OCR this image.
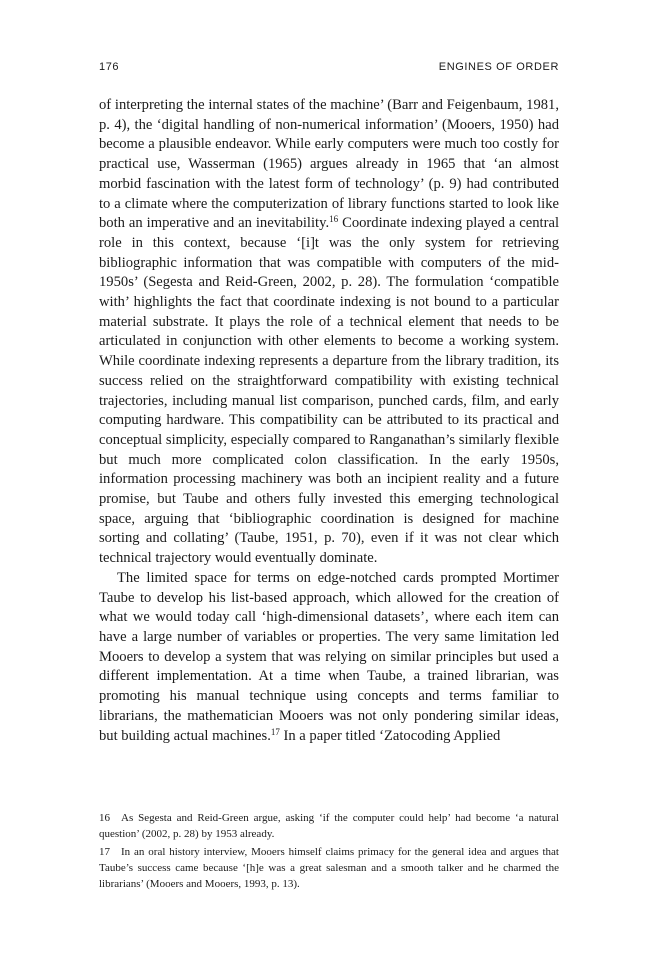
176	ENGINES OF ORDER

of interpreting the internal states of the machine’ (Barr and Feigenbaum, 1981, p. 4), the ‘digital handling of non-numerical information’ (Mooers, 1950) had become a plausible endeavor. While early computers were much too costly for practical use, Wasserman (1965) argues already in 1965 that ‘an almost morbid fascination with the latest form of technology’ (p. 9) had contributed to a climate where the computerization of library functions started to look like both an imperative and an inevitability.$^{16}$ Coordinate indexing played a central role in this context, because ‘[i]t was the only system for retrieving bibliographic information that was compatible with computers of the mid-1950s’ (Segesta and Reid-Green, 2002, p. 28). The formulation ‘compatible with’ highlights the fact that coordinate indexing is not bound to a particular material substrate. It plays the role of a technical element that needs to be articulated in conjunction with other elements to become a working system. While coordinate indexing represents a departure from the library tradition, its success relied on the straightforward compatibility with existing technical trajectories, including manual list comparison, punched cards, film, and early computing hardware. This compatibility can be attributed to its practical and conceptual simplicity, especially compared to Ranganathan’s similarly flexible but much more complicated colon classification. In the early 1950s, information processing machinery was both an incipient reality and a future promise, but Taube and others fully invested this emerging technological space, arguing that ‘bibliographic coordination is designed for machine sorting and collating’ (Taube, 1951, p. 70), even if it was not clear which technical trajectory would eventually dominate.

The limited space for terms on edge-notched cards prompted Mortimer Taube to develop his list-based approach, which allowed for the creation of what we would today call ‘high-dimensional datasets’, where each item can have a large number of variables or properties. The very same limitation led Mooers to develop a system that was relying on similar principles but used a different implementation. At a time when Taube, a trained librarian, was promoting his manual technique using concepts and terms familiar to librarians, the mathematician Mooers was not only pondering similar ideas, but building actual machines.$^{17}$ In a paper titled ‘Zatocoding Applied

16 As Segesta and Reid-Green argue, asking ‘if the computer could help’ had become ‘a natural question’ (2002, p. 28) by 1953 already.

17 In an oral history interview, Mooers himself claims primacy for the general idea and argues that Taube’s success came because ‘[h]e was a great salesman and a smooth talker and he charmed the librarians’ (Mooers and Mooers, 1993, p. 13).
